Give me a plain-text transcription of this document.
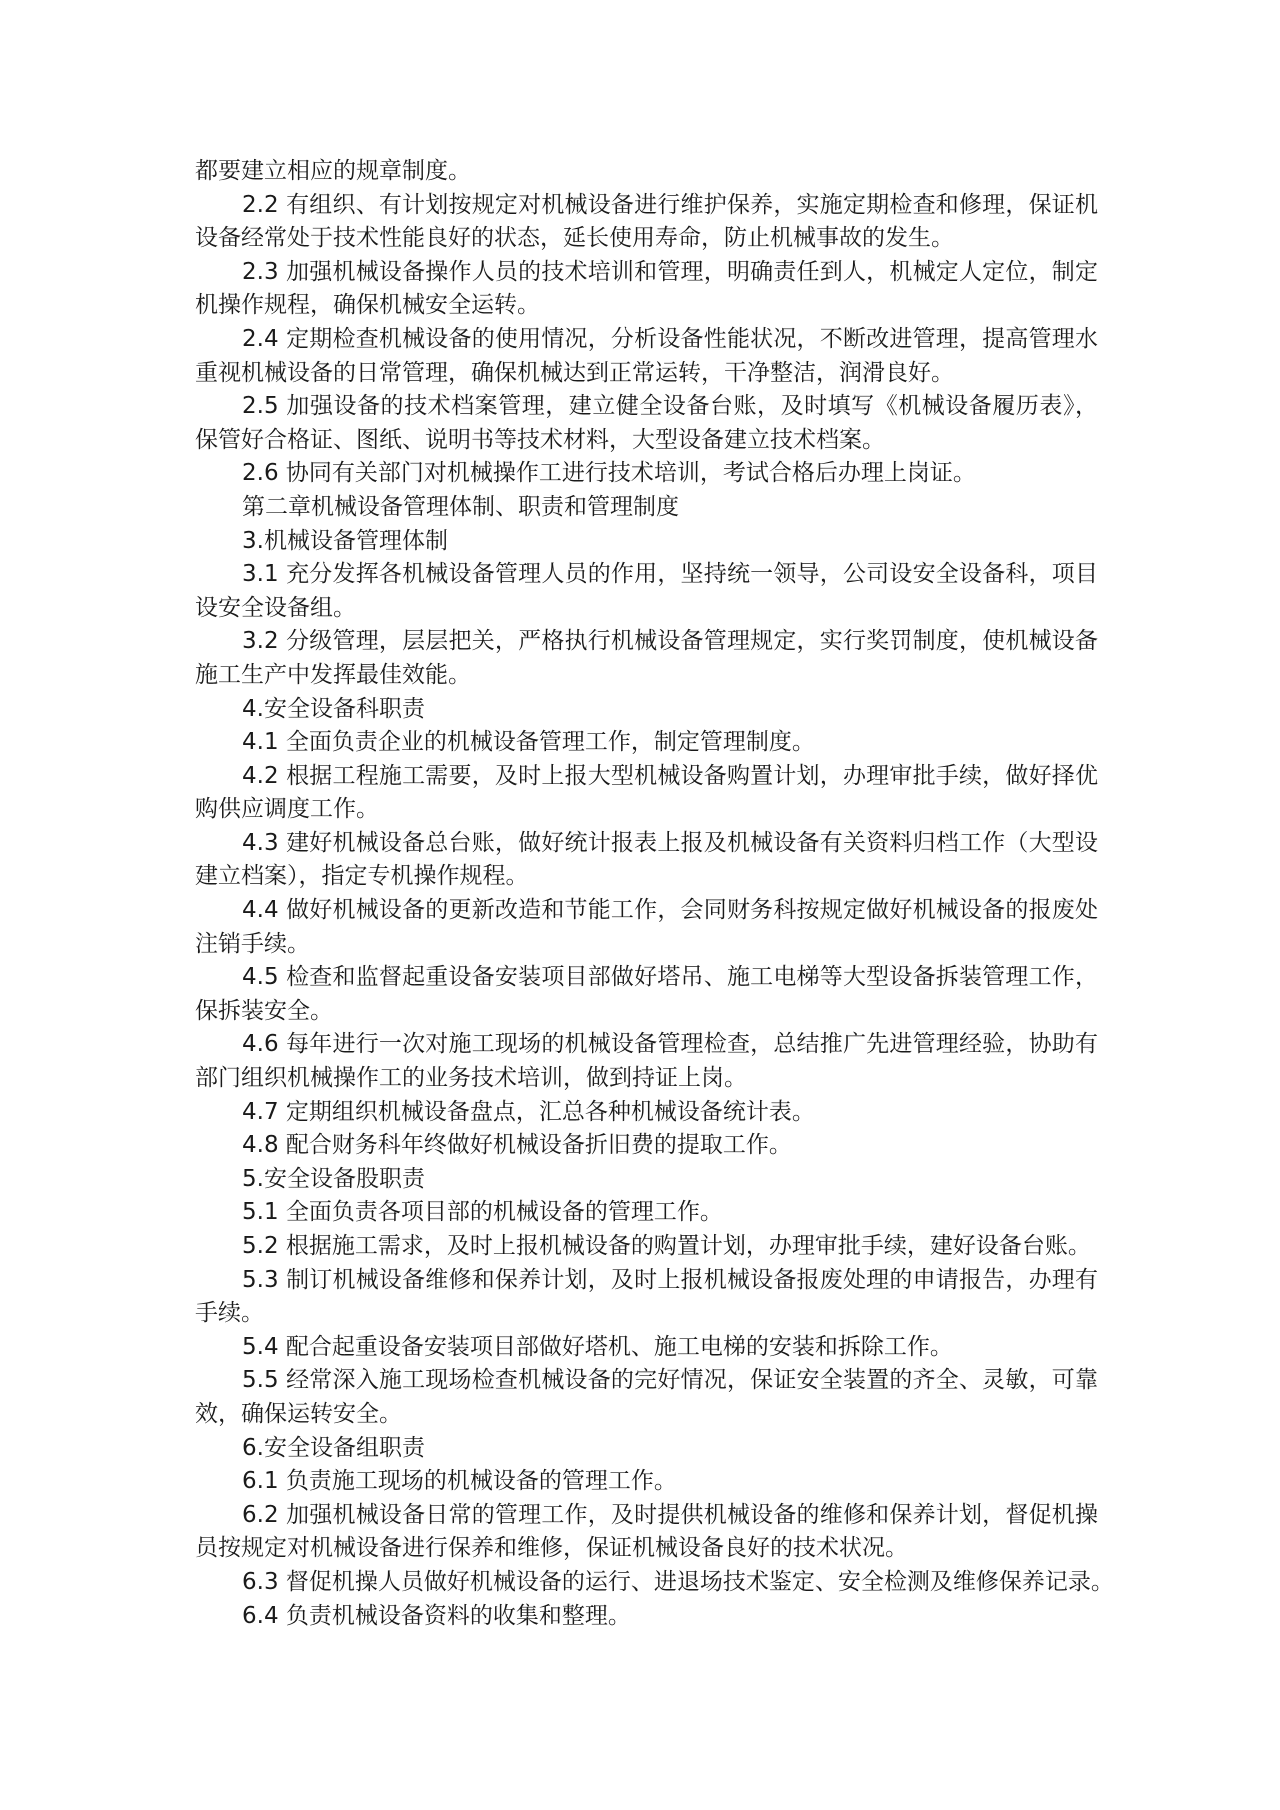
都要建立相应的规章制度。
2.2 有组织、有计划按规定对机械设备进行维护保养，实施定期检查和修理，保证机
设备经常处于技术性能良好的状态，延长使用寿命，防止机械事故的发生。
2.3 加强机械设备操作人员的技术培训和管理，明确责任到人，机械定人定位，制定
机操作规程，确保机械安全运转。
2.4 定期检查机械设备的使用情况，分析设备性能状况，不断改进管理，提高管理水
重视机械设备的日常管理，确保机械达到正常运转，干净整洁，润滑良好。
2.5 加强设备的技术档案管理，建立健全设备台账，及时填写《机械设备履历表》，
保管好合格证、图纸、说明书等技术材料，大型设备建立技术档案。
2.6 协同有关部门对机械操作工进行技术培训，考试合格后办理上岗证。
第二章机械设备管理体制、职责和管理制度
3.机械设备管理体制
3.1 充分发挥各机械设备管理人员的作用，坚持统一领导，公司设安全设备科，项目
设安全设备组。
3.2 分级管理，层层把关，严格执行机械设备管理规定，实行奖罚制度，使机械设备
施工生产中发挥最佳效能。
4.安全设备科职责
4.1 全面负责企业的机械设备管理工作，制定管理制度。
4.2 根据工程施工需要，及时上报大型机械设备购置计划，办理审批手续，做好择优
购供应调度工作。
4.3 建好机械设备总台账，做好统计报表上报及机械设备有关资料归档工作（大型设
建立档案），指定专机操作规程。
4.4 做好机械设备的更新改造和节能工作，会同财务科按规定做好机械设备的报废处
注销手续。
4.5 检查和监督起重设备安装项目部做好塔吊、施工电梯等大型设备拆装管理工作，
保拆装安全。
4.6 每年进行一次对施工现场的机械设备管理检查，总结推广先进管理经验，协助有
部门组织机械操作工的业务技术培训，做到持证上岗。
4.7 定期组织机械设备盘点，汇总各种机械设备统计表。
4.8 配合财务科年终做好机械设备折旧费的提取工作。
5.安全设备股职责
5.1 全面负责各项目部的机械设备的管理工作。
5.2 根据施工需求，及时上报机械设备的购置计划，办理审批手续，建好设备台账。
5.3 制订机械设备维修和保养计划，及时上报机械设备报废处理的申请报告，办理有
手续。
5.4 配合起重设备安装项目部做好塔机、施工电梯的安装和拆除工作。
5.5 经常深入施工现场检查机械设备的完好情况，保证安全装置的齐全、灵敏，可靠
效，确保运转安全。
6.安全设备组职责
6.1 负责施工现场的机械设备的管理工作。
6.2 加强机械设备日常的管理工作，及时提供机械设备的维修和保养计划，督促机操
员按规定对机械设备进行保养和维修，保证机械设备良好的技术状况。
6.3 督促机操人员做好机械设备的运行、进退场技术鉴定、安全检测及维修保养记录。
6.4 负责机械设备资料的收集和整理。
